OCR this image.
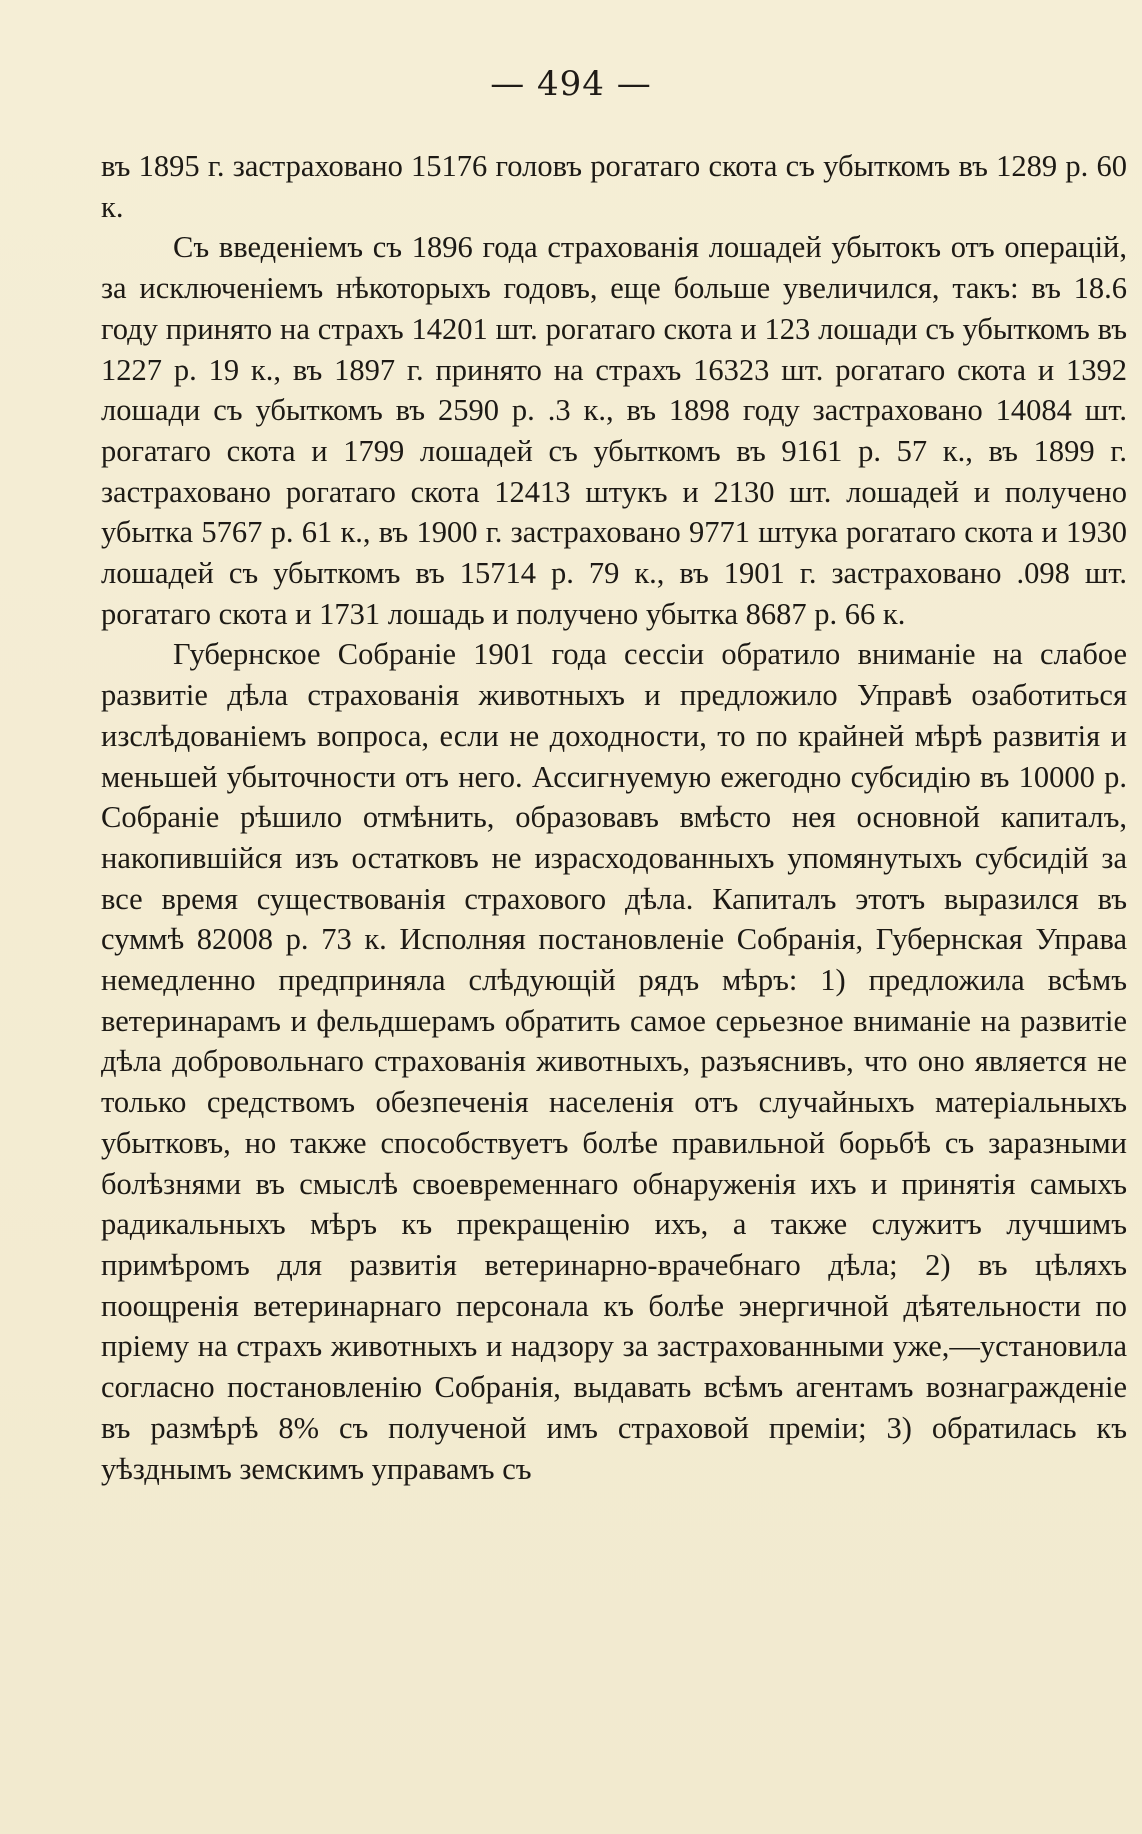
— 494 —

въ 1895 г. застраховано 15176 головъ рогатаго скота съ убыткомъ въ 1289 р. 60 к.

Съ введеніемъ съ 1896 года страхованія лошадей убытокъ отъ операцій, за исключеніемъ нѣкоторыхъ годовъ, еще больше увеличился, такъ: въ 18.6 году принято на страхъ 14201 шт. рогатаго скота и 123 лошади съ убыткомъ въ 1227 р. 19 к., въ 1897 г. принято на страхъ 16323 шт. рогатаго скота и 1392 лошади съ убыткомъ въ 2590 р. .3 к., въ 1898 году застраховано 14084 шт. рогатаго скота и 1799 лошадей съ убыткомъ въ 9161 р. 57 к., въ 1899 г. застраховано рогатаго скота 12413 штукъ и 2130 шт. лошадей и получено убытка 5767 р. 61 к., въ 1900 г. застраховано 9771 штука рогатаго скота и 1930 лошадей съ убыткомъ въ 15714 р. 79 к., въ 1901 г. застраховано .098 шт. рогатаго скота и 1731 лошадь и получено убытка 8687 р. 66 к.

Губернское Собраніе 1901 года сессіи обратило вниманіе на слабое развитіе дѣла страхованія животныхъ и предложило Управѣ озаботиться изслѣдованіемъ вопроса, если не доходности, то по крайней мѣрѣ развитія и меньшей убыточности отъ него. Ассигнуемую ежегодно субсидію въ 10000 р. Собраніе рѣшило отмѣнить, образовавъ вмѣсто нея основной капиталъ, накопившійся изъ остатковъ не израсходованныхъ упомянутыхъ субсидій за все время существованія страхового дѣла. Капиталъ этотъ выразился въ суммѣ 82008 р. 73 к. Исполняя постановленіе Собранія, Губернская Управа немедленно предприняла слѣдующій рядъ мѣръ: 1) предложила всѣмъ ветеринарамъ и фельдшерамъ обратить самое серьезное вниманіе на развитіе дѣла добровольнаго страхованія животныхъ, разъяснивъ, что оно является не только средствомъ обезпеченія населенія отъ случайныхъ матеріальныхъ убытковъ, но также способствуетъ болѣе правильной борьбѣ съ заразными болѣзнями въ смыслѣ своевременнаго обнаруженія ихъ и принятія самыхъ радикальныхъ мѣръ къ прекращенію ихъ, а также служитъ лучшимъ примѣромъ для развитія ветеринарно-врачебнаго дѣла; 2) въ цѣляхъ поощренія ветеринарнаго персонала къ болѣе энергичной дѣятельности по пріему на страхъ животныхъ и надзору за застрахованными уже,—установила согласно постановленію Собранія, выдавать всѣмъ агентамъ вознагражденіе въ размѣрѣ 8% съ полученой имъ страховой преміи; 3) обратилась къ уѣзднымъ земскимъ управамъ съ
